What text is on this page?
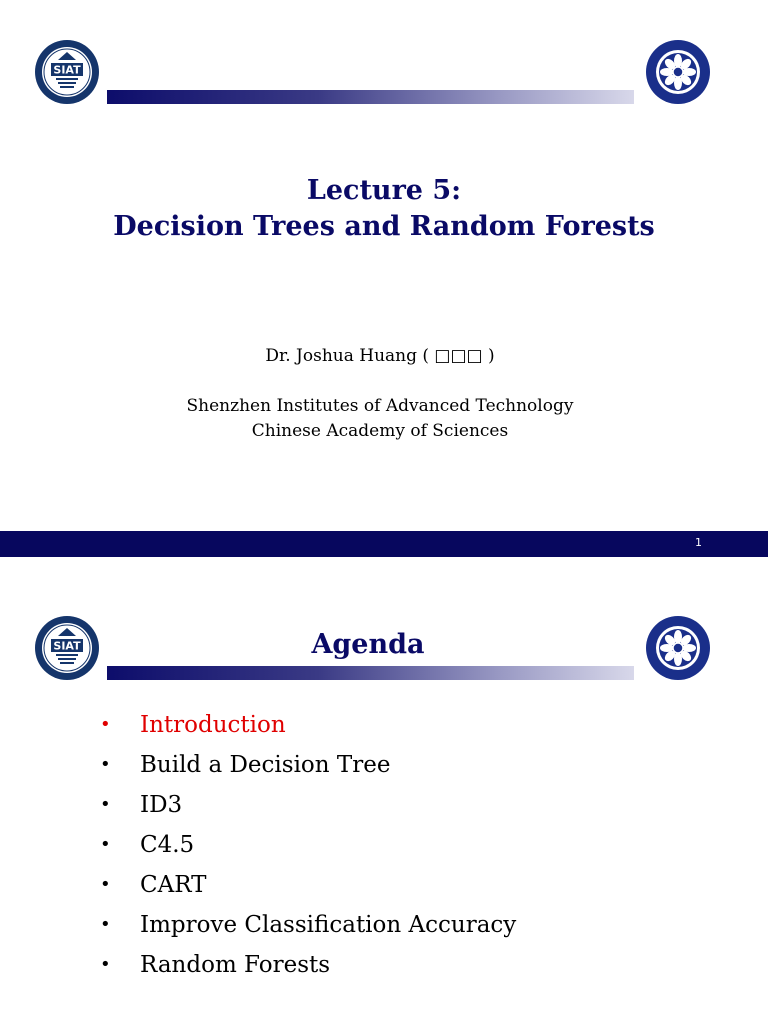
SIAT
Lecture 5:
Decision Trees and Random Forests
Dr. Joshua Huang ( □□□ )
Shenzhen Institutes of Advanced Technology
Chinese Academy of Sciences
1
SIAT	Agenda
•	Introduction
•	Build a Decision Tree
•	ID3
•	C4.5
•	CART
•	Improve Classification Accuracy
•	Random Forests
